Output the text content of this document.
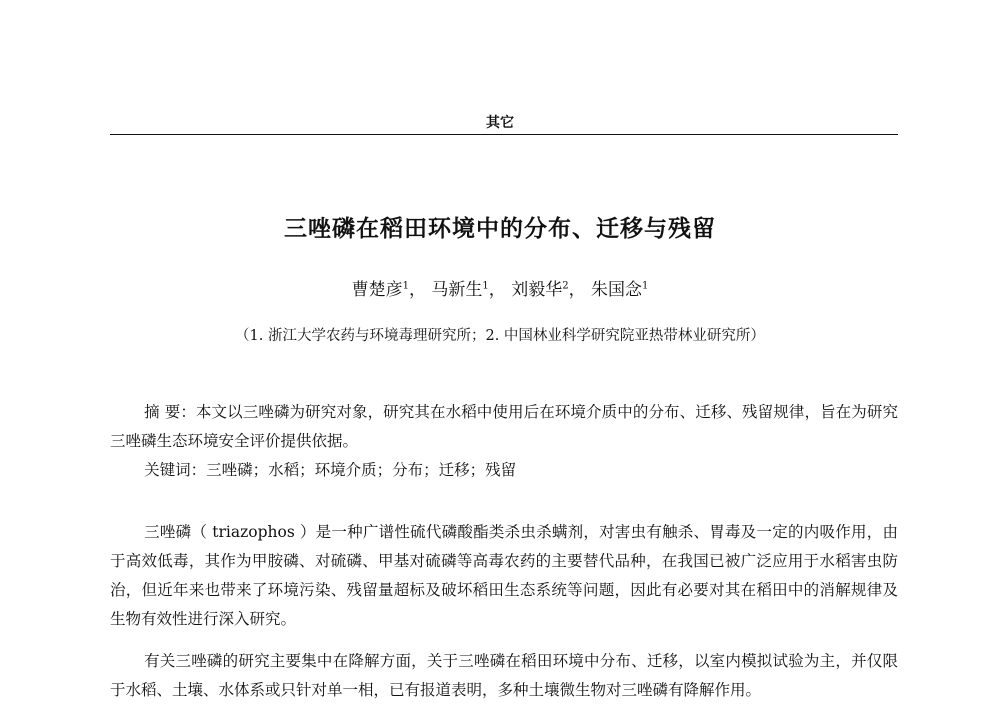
其它
三唑磷在稻田环境中的分布、迁移与残留
曹楚彦$^1$， 马新生$^1$， 刘毅华$^2$， 朱国念$^1$
（1. 浙江大学农药与环境毒理研究所；2. 中国林业科学研究院亚热带林业研究所）

摘 要：本文以三唑磷为研究对象，研究其在水稻中使用后在环境介质中的分布、迁移、残留规律，旨在为研究三唑磷生态环境安全评价提供依据。

关键词：三唑磷；水稻；环境介质；分布；迁移；残留

三唑磷（ triazophos ）是一种广谱性硫代磷酸酯类杀虫杀螨剂，对害虫有触杀、胃毒及一定的内吸作用，由于高效低毒，其作为甲胺磷、对硫磷、甲基对硫磷等高毒农药的主要替代品种，在我国已被广泛应用于水稻害虫防治，但近年来也带来了环境污染、残留量超标及破坏稻田生态系统等问题，因此有必要对其在稻田中的消解规律及生物有效性进行深入研究。

有关三唑磷的研究主要集中在降解方面，关于三唑磷在稻田环境中分布、迁移，以室内模拟试验为主，并仅限于水稻、土壤、水体系或只针对单一相，已有报道表明，多种土壤微生物对三唑磷有降解作用。
